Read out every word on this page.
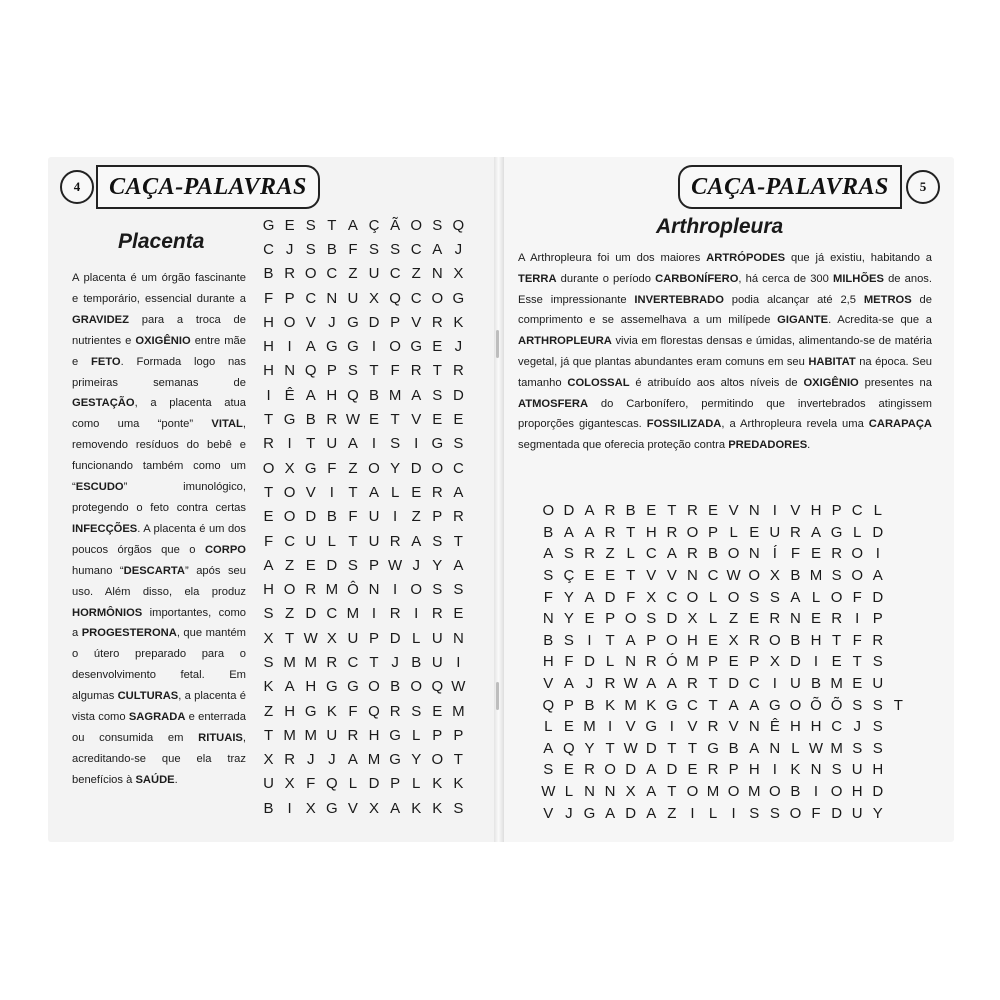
CAÇA-PALAVRAS
4	CAÇA-PALAVRAS	5
Placenta
Arthropleura
A placenta é um órgão fascinante e temporário, essencial durante a GRAVIDEZ para a troca de nutrientes e OXIGÊNIO entre mãe e FETO. Formada logo nas primeiras semanas de GESTAÇÃO, a placenta atua como uma “ponte” VITAL, removendo resíduos do bebê e funcionando também como um “ESCUDO” imunológico, protegendo o feto contra certas INFECÇÕES. A placenta é um dos poucos órgãos que o CORPO humano “DESCARTA” após seu uso. Além disso, ela produz HORMÔNIOS importantes, como a PROGESTERONA, que mantém o útero preparado para o desenvolvimento fetal. Em algumas CULTURAS, a placenta é vista como SAGRADA e enterrada ou consumida em RITUAIS, acreditando-se que ela traz benefícios à SAÚDE.
A Arthropleura foi um dos maiores ARTRÓPODES que já existiu, habitando a TERRA durante o período CARBONÍFERO, há cerca de 300 MILHÕES de anos. Esse impressionante INVERTEBRADO podia alcançar até 2,5 METROS de comprimento e se assemelhava a um milípede GIGANTE. Acredita-se que a ARTHROPLEURA vivia em florestas densas e úmidas, alimentando-se de matéria vegetal, já que plantas abundantes eram comuns em seu HABITAT na época. Seu tamanho COLOSSAL é atribuído aos altos níveis de OXIGÊNIO presentes na ATMOSFERA do Carbonífero, permitindo que invertebrados atingissem proporções gigantescas. FOSSILIZADA, a Arthropleura revela uma CARAPAÇA segmentada que oferecia proteção contra PREDADORES.
G E S T A Ç Ã O S Q
C J S B F S S C A J
B R O C Z U C Z N X
F P C N U X Q C O G
H O V J G D P V R K
H I A G G I O G E J
H N Q P S T F R T R
I Ê A H Q B M A S D
T G B R W E T V E E
R I T U A I S I G S
O X G F Z O Y D O C
T O V I T A L E R A
E O D B F U I Z P R
F C U L T U R A S T
A Z E D S P W J Y A
H O R M Ô N I O S S
S Z D C M I R I R E
X T W X U P D L U N
S M M R C T J B U I
K A H G G O B O Q W
Z H G K F Q R S E M
T M M U R H G L P P
X R J J A M G Y O T
U X F Q L D P L K K
B I X G V X A K K S
O D A R B E T R E V N I V H P C L
B A A R T H R O P L E U R A G L D
A S R Z L C A R B O N Í F E R O I
S Ç E E T V V N C W O X B M S O A
F Y A D F X C O L O S S A L O F D
N Y E P O S D X L Z E R N E R I P
B S I T A P O H E X R O B H T F R
H F D L N R Ó M P E P X D I E T S
V A J R W A A R T D C I U B M E U
Q P B K M K G C T A A G O Õ Õ S S T
L E M I V G I V R V N Ê H H C J S
A Q Y T W D T T G B A N L W M S S
S E R O D A D E R P H I K N S U H
W L N N X A T O M O M O B I O H D
V J G A D A Z I L I S S O F D U Y
